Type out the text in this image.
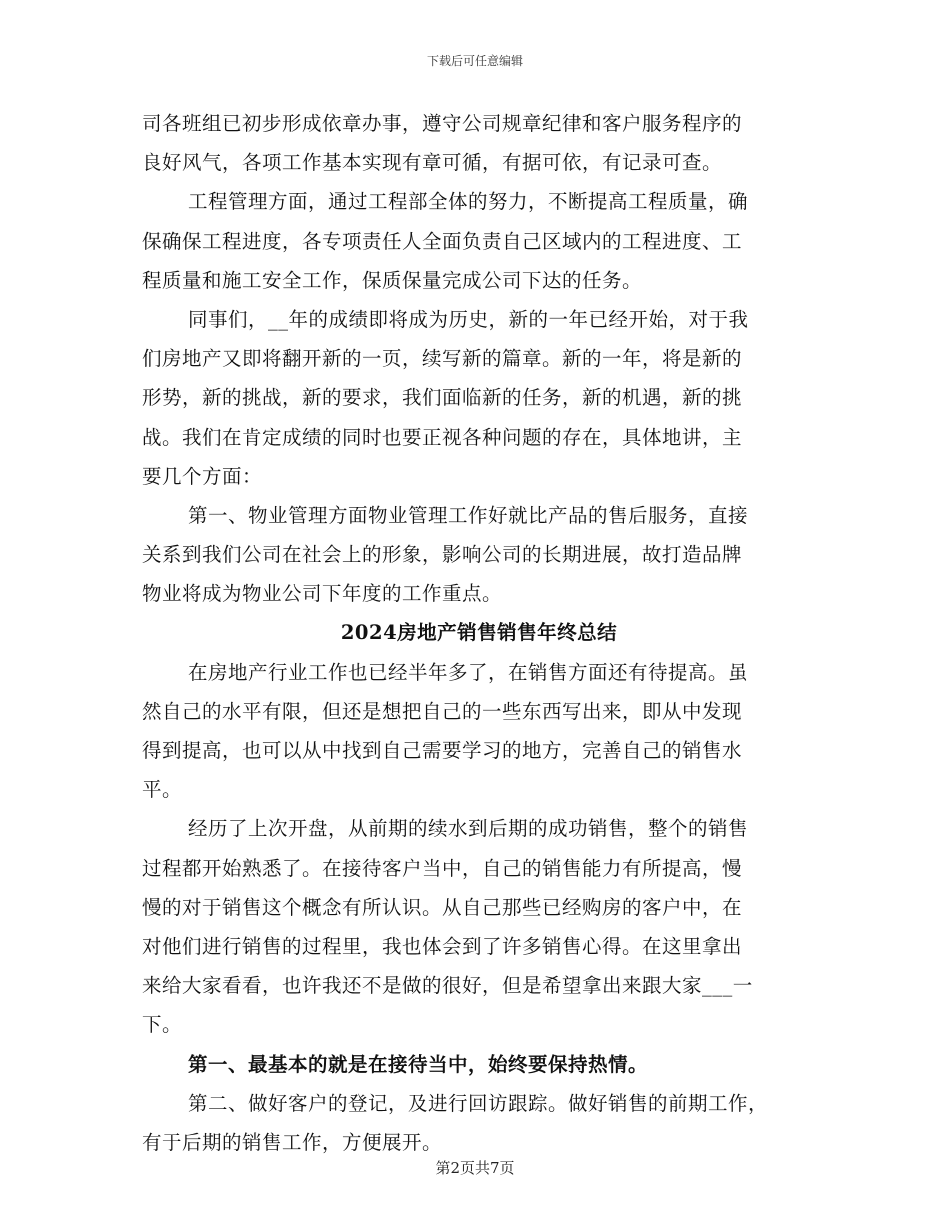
下载后可任意编辑
司各班组已初步形成依章办事，遵守公司规章纪律和客户服务程序的
良好风气，各项工作基本实现有章可循，有据可依，有记录可查。
工程管理方面，通过工程部全体的努力，不断提高工程质量，确
保确保工程进度，各专项责任人全面负责自己区域内的工程进度、工
程质量和施工安全工作，保质保量完成公司下达的任务。
同事们，__年的成绩即将成为历史，新的一年已经开始，对于我
们房地产又即将翻开新的一页，续写新的篇章。新的一年，将是新的
形势，新的挑战，新的要求，我们面临新的任务，新的机遇，新的挑
战。我们在肯定成绩的同时也要正视各种问题的存在，具体地讲，主
要几个方面：
第一、物业管理方面物业管理工作好就比产品的售后服务，直接
关系到我们公司在社会上的形象，影响公司的长期进展，故打造品牌
物业将成为物业公司下年度的工作重点。
2024房地产销售销售年终总结
在房地产行业工作也已经半年多了，在销售方面还有待提高。虽
然自己的水平有限，但还是想把自己的一些东西写出来，即从中发现
得到提高，也可以从中找到自己需要学习的地方，完善自己的销售水
平。
经历了上次开盘，从前期的续水到后期的成功销售，整个的销售
过程都开始熟悉了。在接待客户当中，自己的销售能力有所提高，慢
慢的对于销售这个概念有所认识。从自己那些已经购房的客户中，在
对他们进行销售的过程里，我也体会到了许多销售心得。在这里拿出
来给大家看看，也许我还不是做的很好，但是希望拿出来跟大家___一
下。
第一、最基本的就是在接待当中，始终要保持热情。
第二、做好客户的登记，及进行回访跟踪。做好销售的前期工作，
有于后期的销售工作，方便展开。
第2页共7页
